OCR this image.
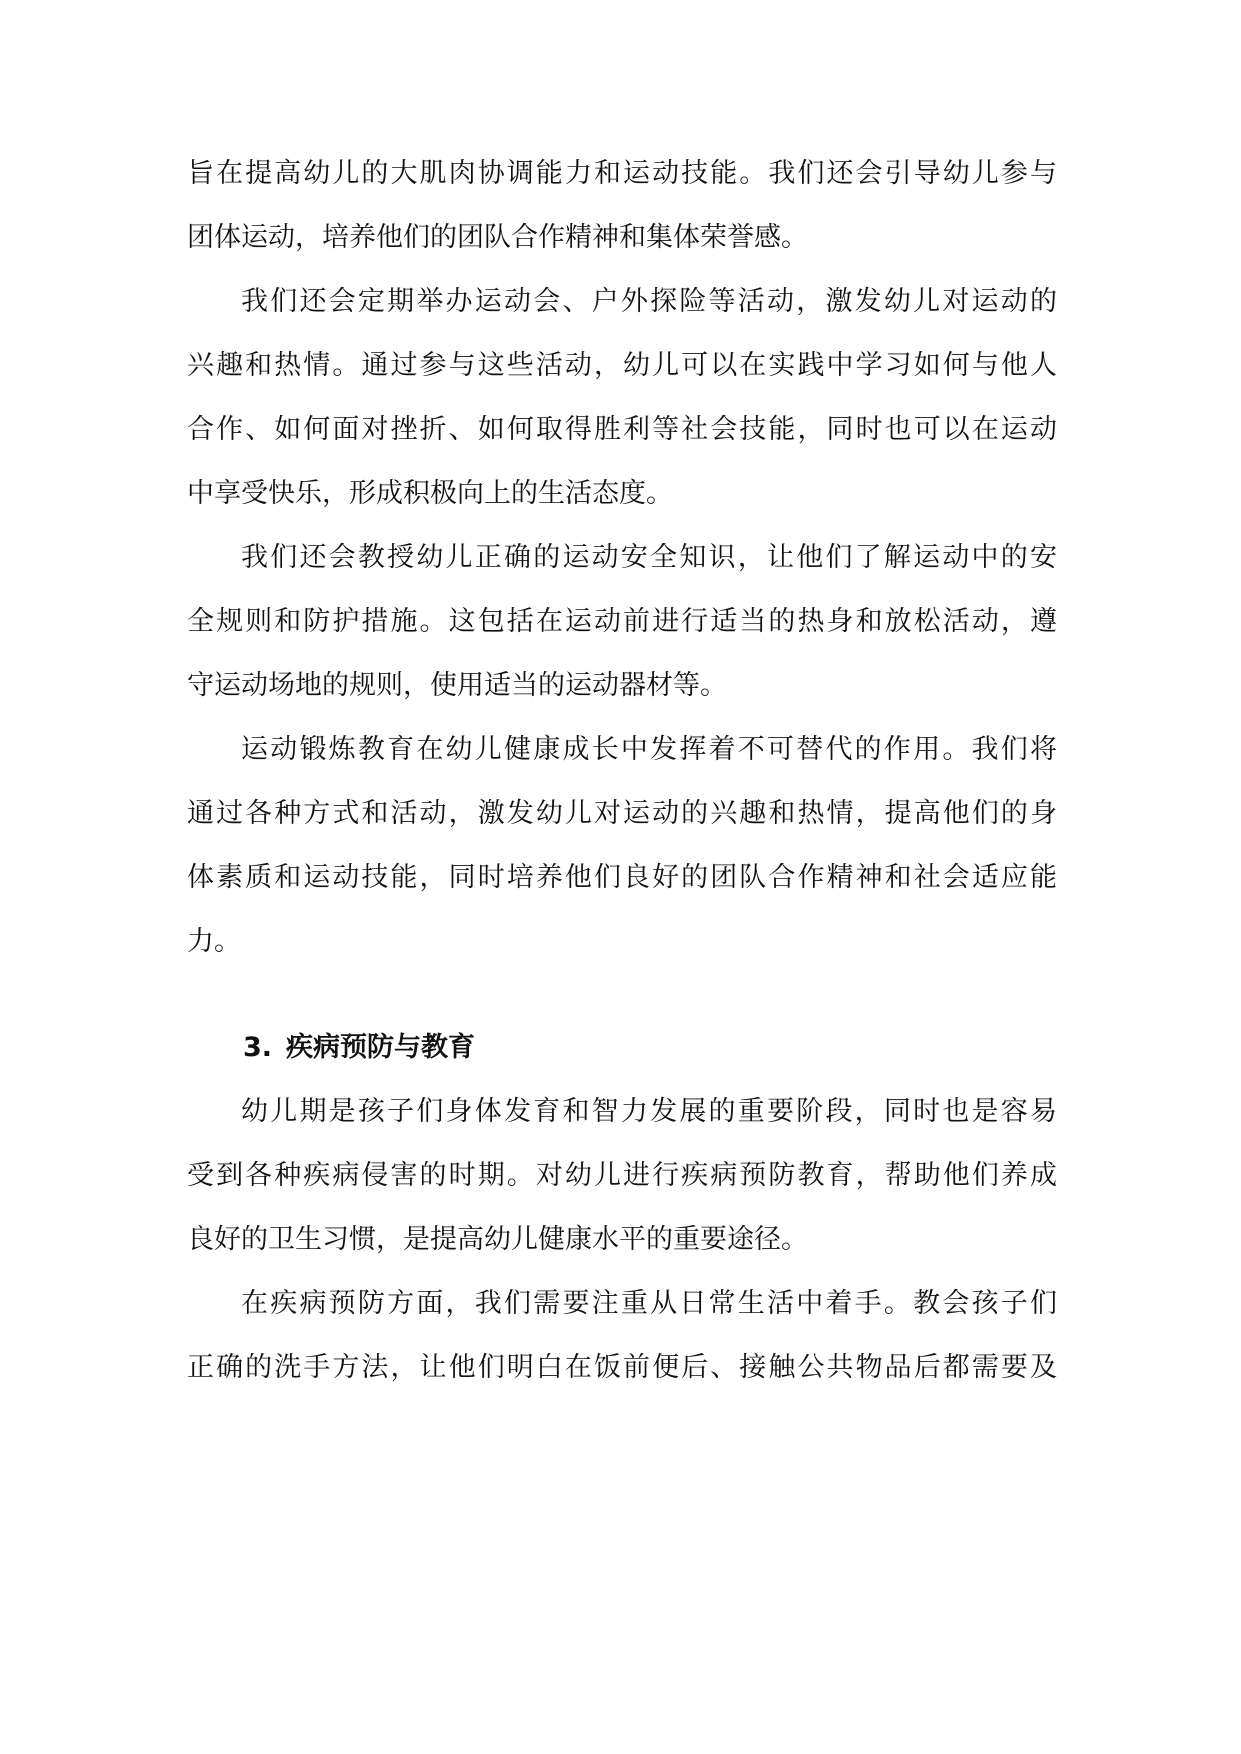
旨在提高幼儿的大肌肉协调能力和运动技能。我们还会引导幼儿参与
团体运动，培养他们的团队合作精神和集体荣誉感。
我们还会定期举办运动会、户外探险等活动，激发幼儿对运动的
兴趣和热情。通过参与这些活动，幼儿可以在实践中学习如何与他人
合作、如何面对挫折、如何取得胜利等社会技能，同时也可以在运动
中享受快乐，形成积极向上的生活态度。
我们还会教授幼儿正确的运动安全知识，让他们了解运动中的安
全规则和防护措施。这包括在运动前进行适当的热身和放松活动，遵
守运动场地的规则，使用适当的运动器材等。
运动锻炼教育在幼儿健康成长中发挥着不可替代的作用。我们将
通过各种方式和活动，激发幼儿对运动的兴趣和热情，提高他们的身
体素质和运动技能，同时培养他们良好的团队合作精神和社会适应能
力。
3. 疾病预防与教育
幼儿期是孩子们身体发育和智力发展的重要阶段，同时也是容易
受到各种疾病侵害的时期。对幼儿进行疾病预防教育，帮助他们养成
良好的卫生习惯，是提高幼儿健康水平的重要途径。
在疾病预防方面，我们需要注重从日常生活中着手。教会孩子们
正确的洗手方法，让他们明白在饭前便后、接触公共物品后都需要及
